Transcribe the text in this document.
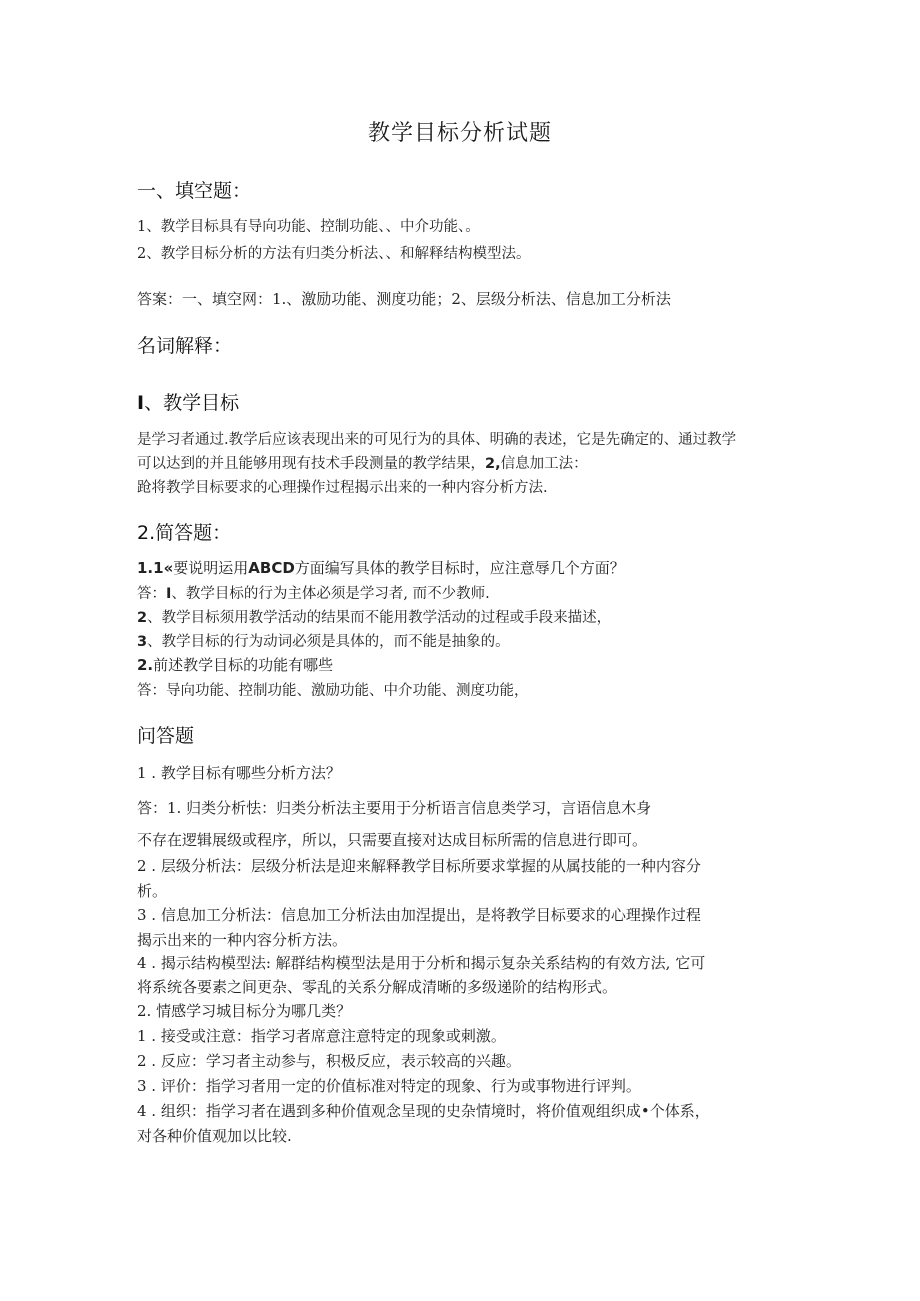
教学目标分析试题
一、填空题：
1、教学目标具有导向功能、控制功能、、中介功能、。
2、教学目标分析的方法有归类分析法、、和解释结构模型法。
答案：一、填空网：1.、激励功能、测度功能；2、层级分析法、信息加工分析法
名词解释：
I、教学目标
是学习者通过.教学后应该表现出来的可见行为的具体、明确的表述，它是先确定的、通过教学
可以达到的并且能够用现有技术手段测量的教学结果，2,信息加工法：
跄将教学目标要求的心理操作过程揭示出来的一种内容分析方法.
2.简答题：
1.1«要说明运用ABCD方面编写具体的教学目标时，应注意辱几个方面？
答：I、教学目标的行为主体必须是学习者, 而不少教师.
2、教学目标须用教学活动的结果而不能用教学活动的过程或手段来描述，
3、教学目标的行为动词必须是具体的，而不能是抽象的。
2.前述教学目标的功能有哪些
答：导向功能、控制功能、激励功能、中介功能、测度功能，
问答题
1 . 教学目标有哪些分析方法？
答：1. 归类分析怯：归类分析法主要用于分析语言信息类学习，言语信息木身
不存在逻辑展级或程序，所以，只需要直接对达成目标所需的信息进行即可。
2 . 层级分析法：层级分析法是迎来解释教学目标所要求掌握的从属技能的一种内容分
析。
3 . 信息加工分析法：信息加工分析法由加涅提出，是将教学目标要求的心理操作过程
揭示出来的一种内容分析方法。
4 . 揭示结构模型法: 解群结构模型法是用于分析和揭示复杂关系结构的有效方法, 它可
将系统各要素之间更杂、零乱的关系分解成清晰的多级递阶的结构形式。
2. 情感学习城目标分为哪几类？
1 . 接受或注意：指学习者席意注意特定的现象或刺激。
2 . 反应：学习者主动参与，积极反应，表示较高的兴趣。
3 . 评价：指学习者用一定的价值标准对特定的现象、行为或事物进行评判。
4 . 组织：指学习者在遇到多种价值观念呈现的史杂情境时，将价值观组织成•个体系，
对各种价值观加以比较.
